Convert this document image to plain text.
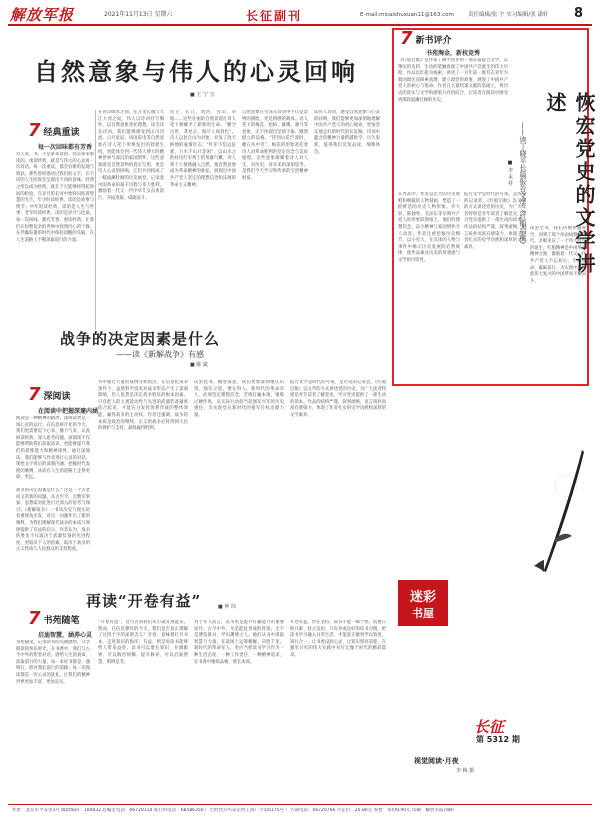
解放军报	2021年11月13日 星期六	长征副刊	E-mail:micaishuxuan11@163.com	责任编辑/张 宇 实习编辑/张 潇轩 8
自然意象与伟人的心灵回响
■ 王 宁 宝
7 经典重读
每一次回味都有芳香
有人说，书，不是拿来读的，而是拿来重读的。重读经典，就是与伟大的心灵再一次对话。每一次重读，都会有新的发现与收获。那些曾经感动过我们的文字，在不同的人生阶段会呈现出不同的意味。经典之所以成为经典，就在于它能够经得起时间的检验，在岁月的长河中始终闪烁着智慧的光芒。年少时读经典，读的是故事与情节；中年时读经典，读的是人生与世事；老年时读经典，读的是岁月与沧桑。每一次回味，都有芳香。重读经典，让我们在纷繁复杂的世界中找到内心的宁静，在浮躁喧嚣的时代中保持清醒的头脑，在人生道路上不断汲取前行的力量。
在青山绿水之间，在万里长城与大江大河之间，伟人以诗词抒写胸怀，以自然意象寄托理想。读毛泽东诗词，我们能够感受到山川河流、日月星辰、风雨雷电等自然意象在诗人笔下所焕发出的勃勃生机，更能体会到一代伟人博大的精神世界与深沉的家国情怀。这些意象既是自然景物的真实写照，更是诗人心灵的回响，它们共同构成了一幅波澜壮阔的历史画卷，记录着中国革命的艰辛历程与伟大胜利，激励着一代又一代中华儿女奋勇前行、开拓进取、砥砺奋斗。
昆仑、长江、黄河、雪山、草地……这些壮丽的自然景观在诗人笔下被赋予了崭新的生命。“横空出世，莽昆仑，阅尽人间春色”，诗人以昆仑山为对象，抒发了改天换地的豪情壮志；“红军不怕远征难，万水千山只等闲”，以山水之险衬托红军将士的英雄气概。诗人将个人情感融入自然，使自然意象成为革命精神的象征，展现出中国共产党人坚定的理想信念和乐观的革命主义精神。
自然意象在毛泽东诗词中不仅是景物的描绘，更是情感的载体。诗人笔下的梅花、松柏、雄鹰、骏马等意象，无不体现出坚韧不拔、傲然挺立的品格。“待到山花烂漫时，她在丛中笑”，梅花的形象寄托着诗人对革命胜利的坚定信念与美好憧憬。这些意象凝聚着诗人对人生、对历史、对未来的深刻思考，是我们今天学习和传承的宝贵精神财富。
读伟人诗词，感受自然意象与心灵的回响，我们能够更加深刻地理解中国共产党人的初心使命，更加坚定地走好新时代的长征路。诗词中蕴含的精神力量跨越时空，历久弥新，值得我们反复品读、细细体会。
7 新书评介
书苑淘金，新枝竞秀
《红船启航》是作家丁晓平创作的一部长篇报告文学，以翔实的史料、生动的笔触再现了中国共产党诞生的伟大历程。作品以红船为线索，讲述了一百年前一群有志青年为救国救民而探索真理、建立政党的故事，展现了中国共产党人的初心与使命。作者在大量档案文献的基础上，将历史的真实与文学的感染力有机结合，让读者在阅读中感受到那段波澜壮阔的历史。	恢宏党史的文学讲述
——读丁晓平长篇报告文学《红船启航》
■ 李 永 祥
在作品中，作者以宏大的历史视野和细腻的人物刻画，塑造了一批鲜活的历史人物形象。李大钊、陈独秀、毛泽东等早期共产党人的形象跃然纸上，他们的理想信念、奋斗精神与家国情怀令人动容。作者注重挖掘历史细节，以小见大，在具体的人物与事件中揭示历史发展的必然规律，使作品兼具历史的厚重感与文学的可读性。
报告文学是时代的号角，是历史的记录者。《红船启航》以文学的方式讲述党的历史，为广大读者特别是青年读者了解党史、学习党史提供了一部生动的读本。作品的结构严谨，叙事流畅，语言质朴而富有感染力，体现了作者扎实的史学功底和深厚的文学素养。
读罢全书，我们仿佛穿越时空，回到了那个风雨如磐的年代，亲眼见证了一个伟大政党的诞生。红船精神是中国革命精神之源，激励着一代又一代共产党人不忘初心、牢记使命、砥砺前行，为实现中华民族伟大复兴的中国梦而不懈奋斗。
战争的决定因素是什么
——读《新解战争》有感
■ 陈 斌
7 深阅读
在阅读中把握深邃内涵
阅读是一种精神的跋涉，深阅读更是一场心灵的远行。在信息碎片化的今天，我们更需要沉下心来，静下气来，认真研读经典，深入思考问题。深阅读不仅能够帮助我们获取知识，更能够提升我们的思维能力和精神境界。通过深阅读，我们能够与作者进行心灵的对话，领悟文字背后的深刻内涵，把握时代发展的脉搏，从而在人生的道路上走得更稳、更远。
战争的决定因素是什么？这是一个古老而又常新的问题。从古至今，无数军事家、思想家对此进行过深入的思考与探讨。《新解战争》一书从历史与现实的双重视角出发，对这一问题作出了新的阐释，为我们理解现代战争的本质与规律提供了有益的启示。作者认为，战争的胜负不仅取决于武器装备的先进程度，更取决于人的因素，取决于战争的正义性质与人民群众的支持程度。
书中通过大量的战例分析指出，在信息化战争条件下，虽然科学技术对战争形态产生了深刻影响，但人依然是决定战争胜负的根本因素。只有把人的主观能动性与先进的武器装备紧密结合起来，才能充分发挥体系作战的整体效能，赢得战争的主动权。作者还强调，战争的本质是政治的继续，正义的战争必将得到人民的拥护与支持，最终赢得胜利。
读罢此书，掩卷深思，我们更加深刻地认识到，强军之道，要在得人。新时代的革命军人，必须坚定理想信念，苦练打赢本领，锤炼过硬作风，以实际行动担当起强军兴军的历史重任，为实现党在新时代的强军目标贡献力量。
报告文学是时代的号角，是历史的记录者。《红船启航》以文学的方式讲述党的历史，为广大读者特别是青年读者了解党史、学习党史提供了一部生动的读本。作品的结构严谨，叙事流畅，语言质朴而富有感染力，体现了作者扎实的史学功底和深厚的文学素养。
再读“开卷有益”	■ 钟 玮
7 书苑随笔
启迪智慧，涵养心灵
书苑随笔，记录读书的点滴感悟，分享阅读的快乐时光。在书香中，我们与古今中外的智者对话，感悟人生的真谛，汲取前行的力量。每一本好书都是一盏明灯，照亮我们前行的道路；每一次阅读都是一次心灵的洗礼，让我们的精神世界更加丰富、更加充实。
“开卷有益”，这句古训我们从小就耳熟能详。然而，在信息爆炸的今天，我们是否真正理解了这四个字的深刻含义？开卷，意味着打开书本，走进知识的海洋；有益，则是说读书能够给人带来益处。读书可以增长知识、开阔眼界，可以陶冶情操、提升修养，可以启迪智慧、明辨是非。
对于军人而言，读书更是提升打赢能力的重要途径。古今中外，凡是能征善战的将领，无不是博览群书、学识渊博之人。他们从书中汲取智慧与力量，在战场上运筹帷幄、决胜千里。新时代的革命军人，更应当把读书学习作为一种生活态度、一种工作责任、一种精神追求，在书香中锤炼品格、增长本领。
开卷有益，贵在坚持。读书不能一曝十寒，而要日积月累、持之以恒。只有养成良好的读书习惯，把读书学习融入日常生活，才能真正做到学以致用、知行合一，让书香浸润心灵，让知识照亮前程，在强军兴军的伟大实践中书写无愧于时代的精彩篇章。
迷彩
书屋
长征
第 5312 期
视觉阅读·月夜
李 梅 摄
社址：北京市平安里3号 邮政编码：100832 总编室电话：66720114 发行科电话：68586350 广告经营许可证京西工商广字第0175号 广告部电话：66720766 月定价：20.80元 零售：每份0.90元 印刷：解放军报印刷厂
